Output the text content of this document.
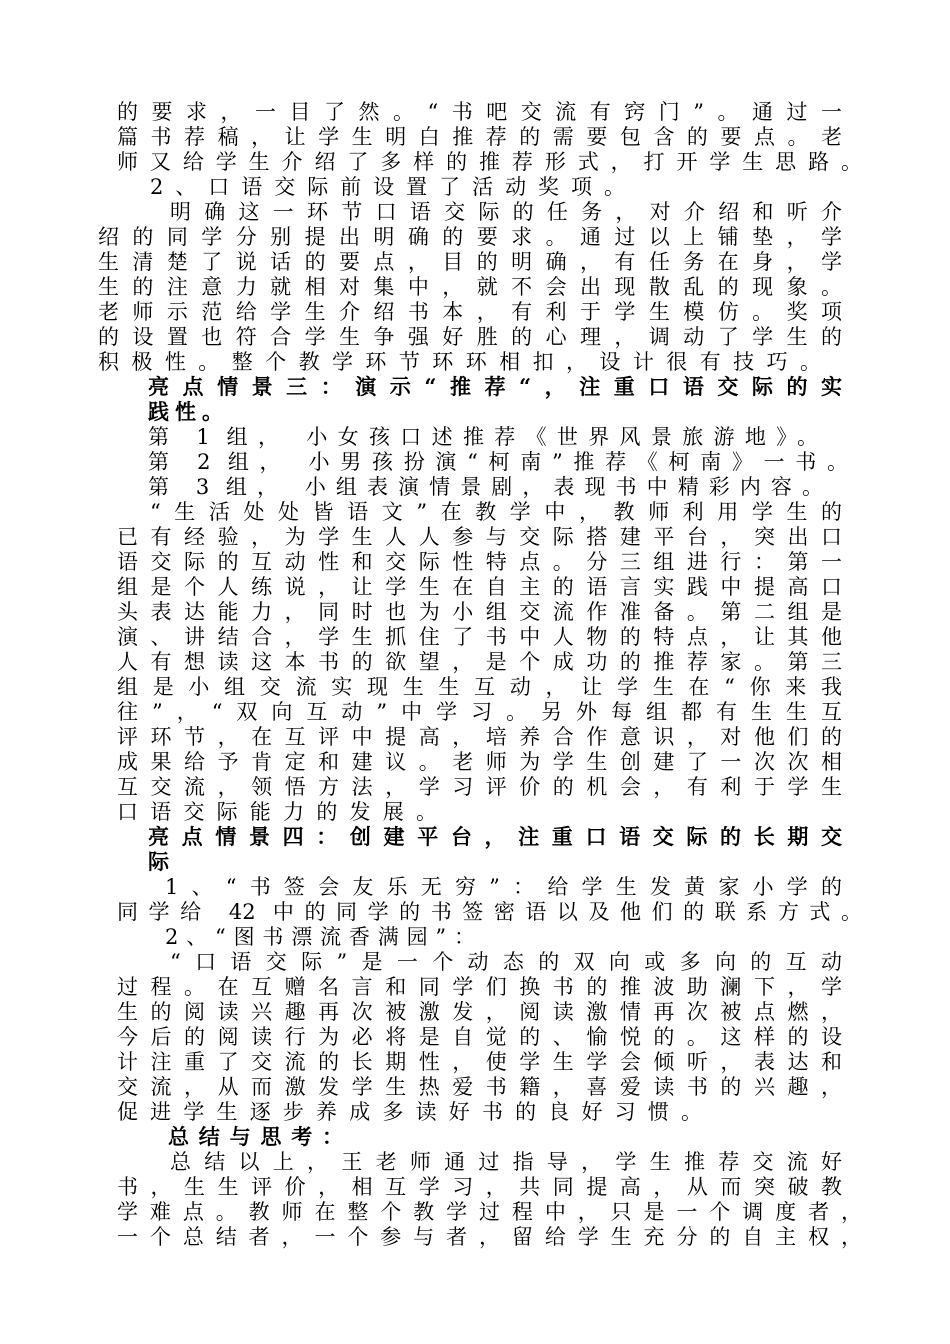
的要求，一目了然。“书吧交流有窍门”。通过一
篇书荐稿，让学生明白推荐的需要包含的要点。老
师又给学生介绍了多样的推荐形式，打开学生思路。
2、口语交际前设置了活动奖项。
明确这一环节口语交际的任务，对介绍和听介
绍的同学分别提出明确的要求。通过以上铺垫，学
生清楚了说话的要点，目的明确，有任务在身，学
生的注意力就相对集中，就不会出现散乱的现象。
老师示范给学生介绍书本，有利于学生模仿。奖项
的设置也符合学生争强好胜的心理，调动了学生的
积极性。整个教学环节环环相扣，设计很有技巧。
亮点情景三：演示“推荐“，注重口语交际的实
践性。
第 1 组， 小女孩口述推荐《世界风景旅游地》。
第 2 组， 小男孩扮演“柯南”推荐《柯南》一书。
第 3 组， 小组表演情景剧，表现书中精彩内容。
“生活处处皆语文”在教学中，教师利用学生的
已有经验，为学生人人参与交际搭建平台，突出口
语交际的互动性和交际性特点。分三组进行：第一
组是个人练说，让学生在自主的语言实践中提高口
头表达能力，同时也为小组交流作准备。第二组是
演、讲结合，学生抓住了书中人物的特点，让其他
人有想读这本书的欲望，是个成功的推荐家。第三
组是小组交流实现生生互动，让学生在“你来我
往”，“双向互动”中学习。另外每组都有生生互
评环节，在互评中提高，培养合作意识，对他们的
成果给予肯定和建议。老师为学生创建了一次次相
互交流，领悟方法，学习评价的机会，有利于学生
口语交际能力的发展。
亮点情景四：创建平台，注重口语交际的长期交
际
1、“书签会友乐无穷”：给学生发黄家小学的
同学给 42 中的同学的书签密语以及他们的联系方式。
2、“图书漂流香满园”：
“口语交际”是一个动态的双向或多向的互动
过程。在互赠名言和同学们换书的推波助澜下，学
生的阅读兴趣再次被激发，阅读激情再次被点燃，
今后的阅读行为必将是自觉的、愉悦的。这样的设
计注重了交流的长期性，使学生学会倾听，表达和
交流，从而激发学生热爱书籍，喜爱读书的兴趣，
促进学生逐步养成多读好书的良好习惯。
总结与思考：
总结以上，王老师通过指导，学生推荐交流好
书，生生评价，相互学习，共同提高，从而突破教
学难点。教师在整个教学过程中，只是一个调度者，
一个总结者，一个参与者，留给学生充分的自主权，
